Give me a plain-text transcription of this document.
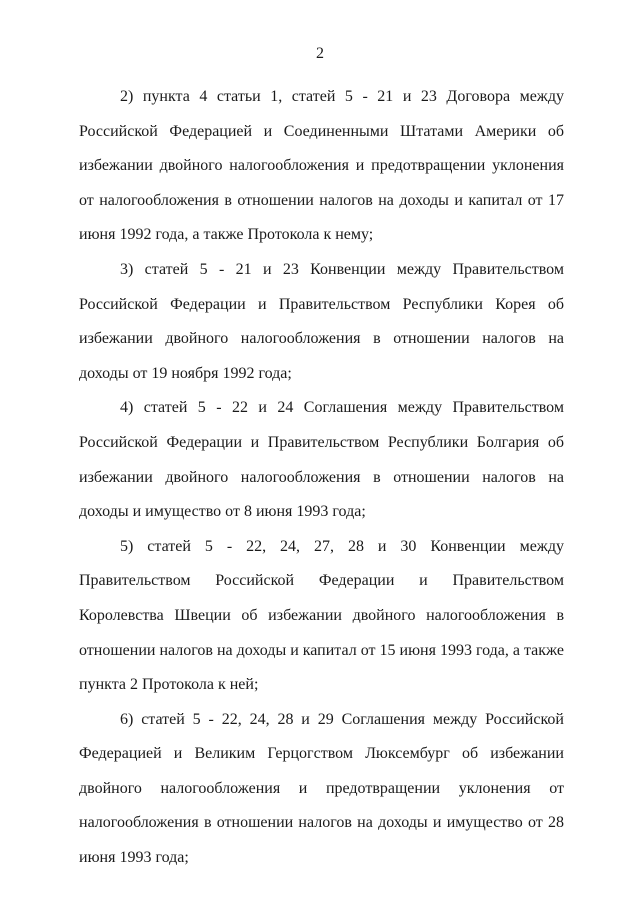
2

2) пункта 4 статьи 1, статей 5 - 21 и 23 Договора между Российской Федерацией и Соединенными Штатами Америки об избежании двойного налогообложения и предотвращении уклонения от налогообложения в отношении налогов на доходы и капитал от 17 июня 1992 года, а также Протокола к нему;

3) статей 5 - 21 и 23 Конвенции между Правительством Российской Федерации и Правительством Республики Корея об избежании двойного налогообложения в отношении налогов на доходы от 19 ноября 1992 года;

4) статей 5 - 22 и 24 Соглашения между Правительством Российской Федерации и Правительством Республики Болгария об избежании двойного налогообложения в отношении налогов на доходы и имущество от 8 июня 1993 года;

5) статей 5 - 22, 24, 27, 28 и 30 Конвенции между Правительством Российской Федерации и Правительством Королевства Швеции об избежании двойного налогообложения в отношении налогов на доходы и капитал от 15 июня 1993 года, а также пункта 2 Протокола к ней;

6) статей 5 - 22, 24, 28 и 29 Соглашения между Российской Федерацией и Великим Герцогством Люксембург об избежании двойного налогообложения и предотвращении уклонения от налогообложения в отношении налогов на доходы и имущество от 28 июня 1993 года;
